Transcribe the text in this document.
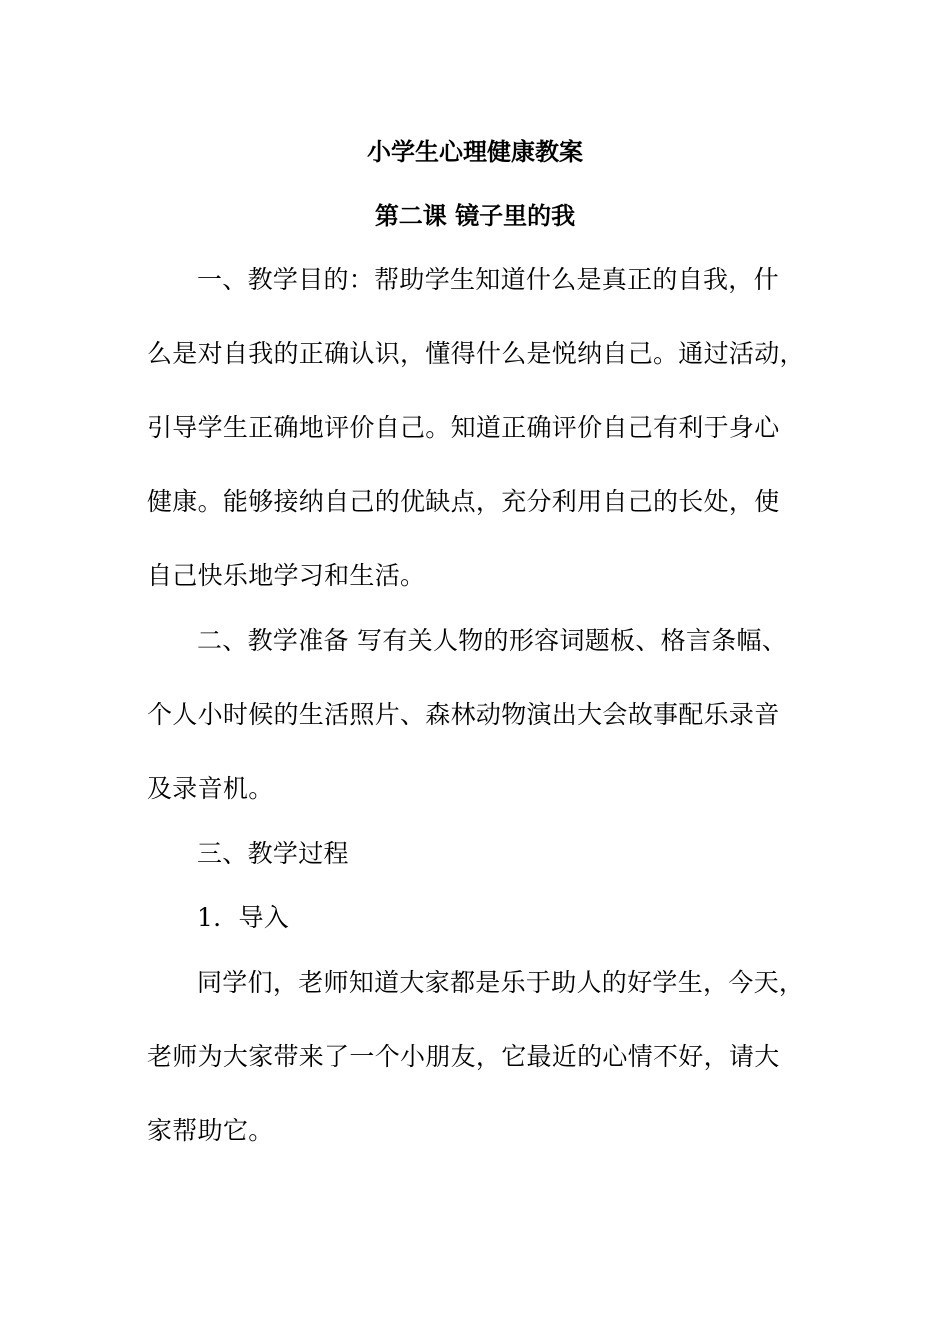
小学生心理健康教案
第二课 镜子里的我
一、教学目的：帮助学生知道什么是真正的自我，什
么是对自我的正确认识，懂得什么是悦纳自己。通过活动，
引导学生正确地评价自己。知道正确评价自己有利于身心
健康。能够接纳自己的优缺点，充分利用自己的长处，使
自己快乐地学习和生活。
二、教学准备 写有关人物的形容词题板、格言条幅、
个人小时候的生活照片、森林动物演出大会故事配乐录音
及录音机。
三、教学过程
1．导入
同学们，老师知道大家都是乐于助人的好学生，今天，
老师为大家带来了一个小朋友，它最近的心情不好，请大
家帮助它。
